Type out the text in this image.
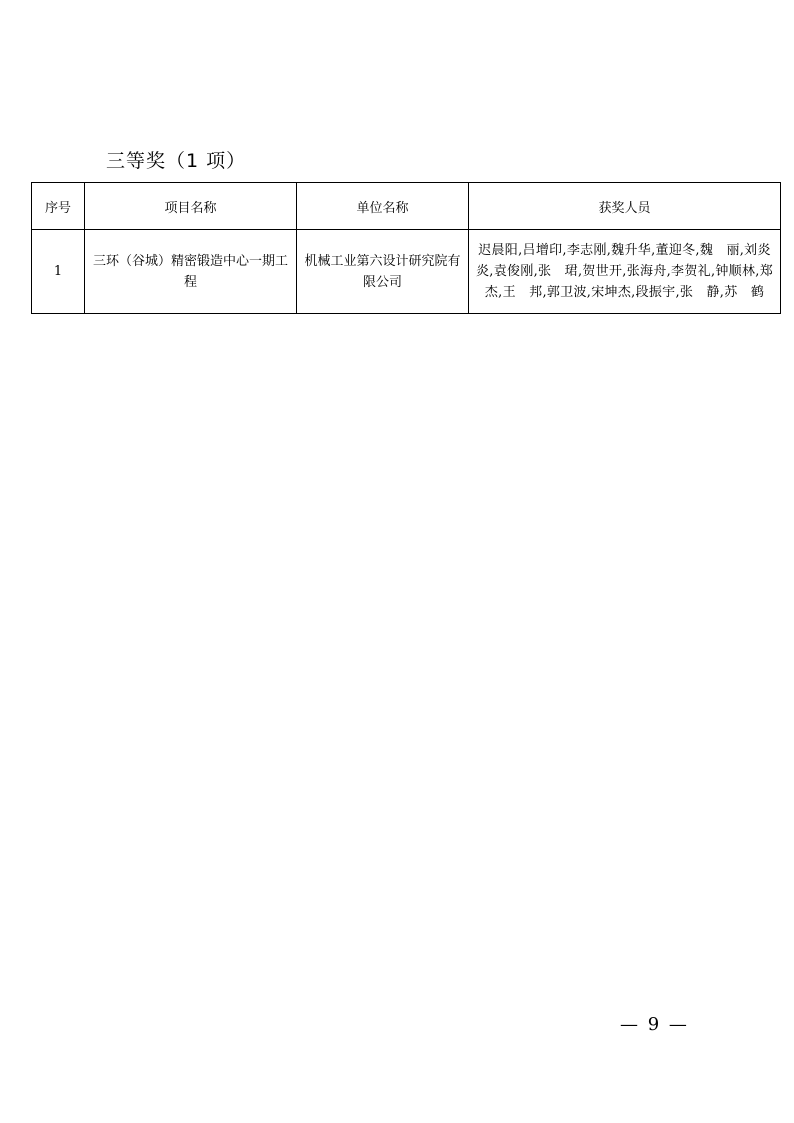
三等奖（1 项）
序号	项目名称	单位名称	获奖人员
1	三环（谷城）精密锻造中心一期工程	机械工业第六设计研究院有限公司	迟晨阳,吕增印,李志刚,魏升华,董迎冬,魏　丽,刘炎炎,袁俊刚,张　珺,贺世开,张海舟,李贺礼,钟顺林,郑　杰,王　邦,郭卫波,宋坤杰,段振宇,张　静,苏　鹤
— 9 —
